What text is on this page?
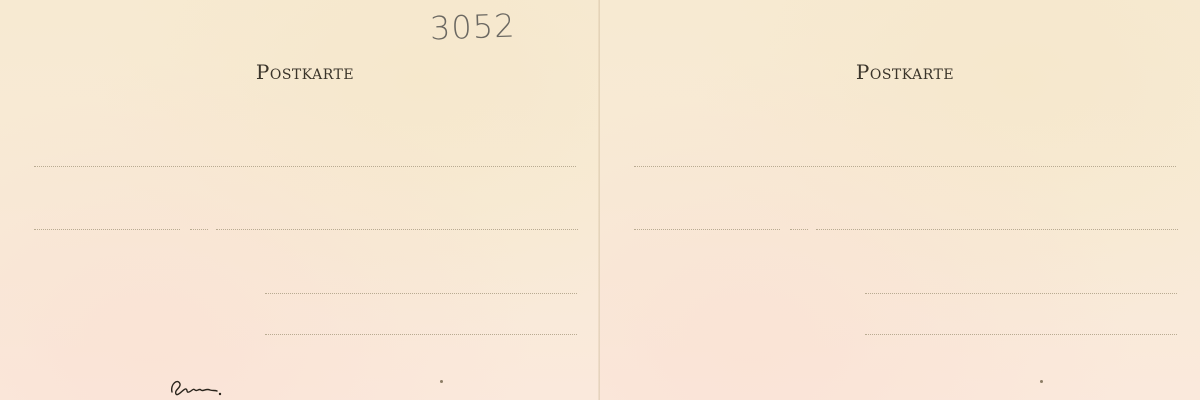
Postkarte
3052
Postkarte
